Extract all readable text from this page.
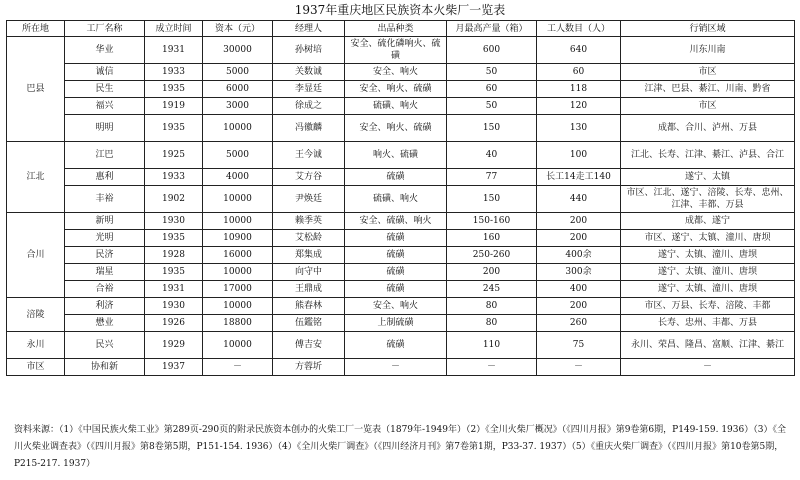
1937年重庆地区民族资本火柴厂一览表
所在地	工厂名称	成立时间	资本（元）	经理人	出品种类	月最高产量（箱）	工人数目（人）	行销区域
巴县	华业	1931	30000	孙树培	安全、硫化磷响火、硫磺	600	640	川东川南
	诚信	1933	5000	关数诚	安全、响火	50	60	市区
	民生	1935	6000	李显廷	安全、响火、硫磺	60	118	江津、巴县、綦江、川南、黔省
	福兴	1919	3000	徐成之	硫磺、响火	50	120	市区
	明明	1935	10000	冯徽麟	安全、响火、硫磺	150	130	成都、合川、泸州、万县
江北	江巴	1925	5000	王今诚	响火、硫磺	40	100	江北、长寿、江津、綦江、泸县、合江
	惠利	1933	4000	艾方谷	硫磺	77	长工14走工140	遂宁、太镇
	丰裕	1902	10000	尹焕廷	硫磺、响火	150	440	市区、江北、遂宁、涪陵、长寿、忠州、江津、丰都、万县
合川	新明	1930	10000	赖季英	安全、硫磺、响火	150-160	200	成都、遂宁
	光明	1935	10900	艾松龄	硫磺	160	200	市区、遂宁、太镇、潼川、唐坝
	民济	1928	16000	郑集成	硫磺	250-260	400余	遂宁、太镇、潼川、唐坝
	瑞星	1935	10000	向守中	硫磺	200	300余	遂宁、太镇、潼川、唐坝
	合裕	1931	17000	王鼎成	硫磺	245	400	遂宁、太镇、潼川、唐坝
涪陵	利济	1930	10000	熊春林	安全、响火	80	200	市区、万县、长寿、涪陵、丰都
	懋业	1926	18800	伍鑑铭	上制硫磺	80	260	长寿、忠州、丰都、万县
永川	民兴	1929	10000	傅吉安	硫磺	110	75	永川、荣昌、隆昌、富顺、江津、綦江
市区	协和新	1937	－	方蓉圻	－	－	－	－
资料来源：（1）《中国民族火柴工业》第289页-290页的附录民族资本创办的火柴工厂一览表（1879年-1949年）（2）《全川火柴厂概况》（《四川月报》第9卷第6期，P149-159. 1936）（3）《全川火柴业调查表》（《四川月报》第8卷第5期，P151-154. 1936）（4）《全川火柴厂调查》（《四川经济月刊》第7卷第1期，P33-37. 1937）（5）《重庆火柴厂调查》（《四川月报》第10卷第5期，P215-217. 1937）
